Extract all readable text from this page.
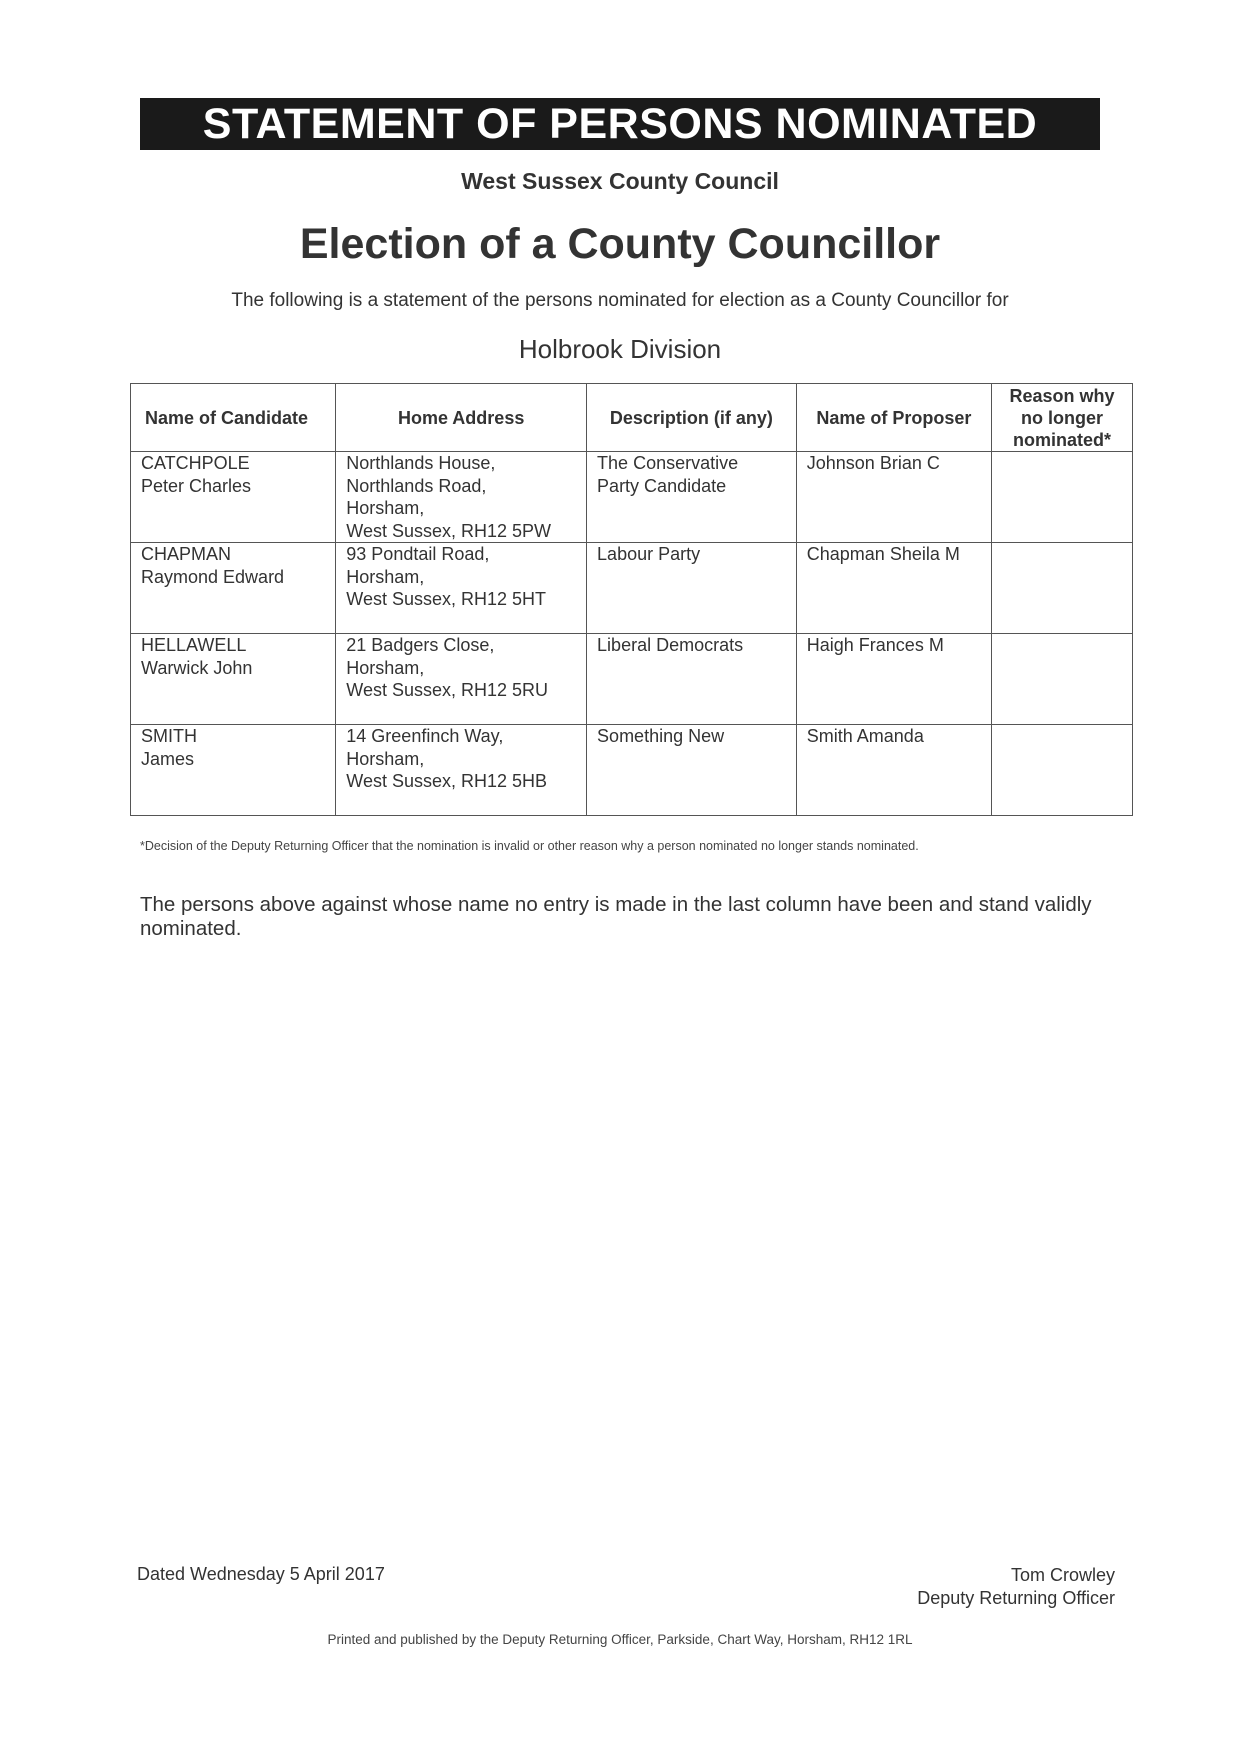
STATEMENT OF PERSONS NOMINATED
West Sussex County Council
Election of a County Councillor
The following is a statement of the persons nominated for election as a County Councillor for
Holbrook Division
Name of Candidate	Home Address	Description (if any)	Name of Proposer	Reason why no longer nominated*

CATCHPOLE
Peter Charles	Northlands House,
Northlands Road,
Horsham,
West Sussex, RH12 5PW	The Conservative
Party Candidate	Johnson Brian C	

CHAPMAN
Raymond Edward	93 Pondtail Road,
Horsham,
West Sussex, RH12 5HT	Labour Party	Chapman Sheila M	

HELLAWELL
Warwick John	21 Badgers Close,
Horsham,
West Sussex, RH12 5RU	Liberal Democrats	Haigh Frances M	

SMITH
James	14 Greenfinch Way,
Horsham,
West Sussex, RH12 5HB	Something New	Smith Amanda	
*Decision of the Deputy Returning Officer that the nomination is invalid or other reason why a person nominated no longer stands nominated.
The persons above against whose name no entry is made in the last column have been and stand validly nominated.
Dated Wednesday 5 April 2017	Tom Crowley
Deputy Returning Officer
Printed and published by the Deputy Returning Officer, Parkside, Chart Way, Horsham, RH12 1RL
